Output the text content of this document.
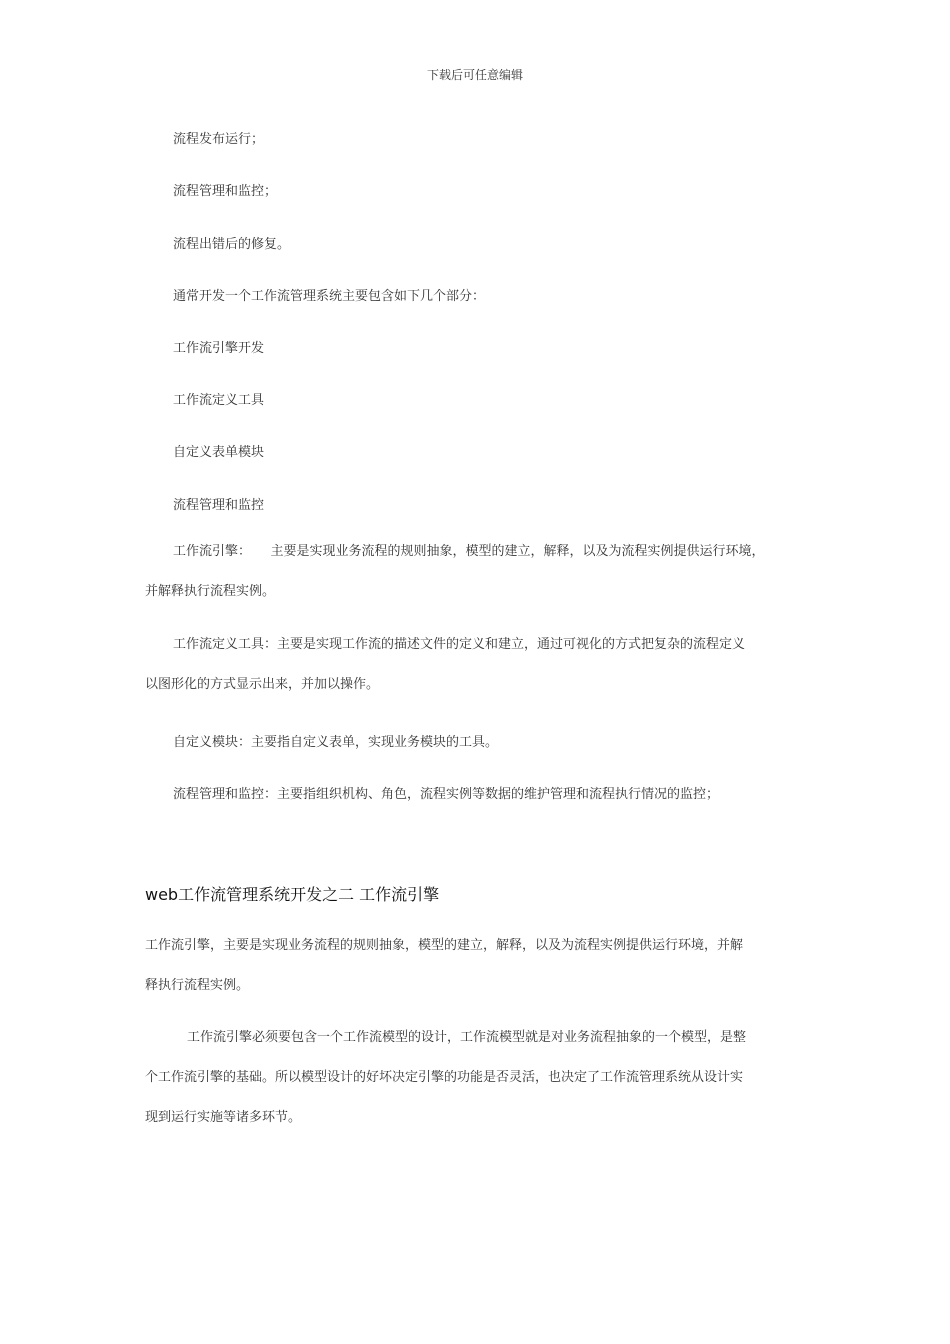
下载后可任意编辑
流程发布运行；
流程管理和监控；
流程出错后的修复。
通常开发一个工作流管理系统主要包含如下几个部分：
工作流引擎开发
工作流定义工具
自定义表单模块
流程管理和监控
工作流引擎：　　主要是实现业务流程的规则抽象，模型的建立，解释，以及为流程实例提供运行环境，
并解释执行流程实例。
工作流定义工具：主要是实现工作流的描述文件的定义和建立，通过可视化的方式把复杂的流程定义
以图形化的方式显示出来，并加以操作。
自定义模块：主要指自定义表单，实现业务模块的工具。
流程管理和监控：主要指组织机构、角色，流程实例等数据的维护管理和流程执行情况的监控；
web工作流管理系统开发之二 工作流引擎
工作流引擎，主要是实现业务流程的规则抽象，模型的建立，解释，以及为流程实例提供运行环境，并解
释执行流程实例。
工作流引擎必须要包含一个工作流模型的设计，工作流模型就是对业务流程抽象的一个模型，是整
个工作流引擎的基础。所以模型设计的好坏决定引擎的功能是否灵活，也决定了工作流管理系统从设计实
现到运行实施等诸多环节。
